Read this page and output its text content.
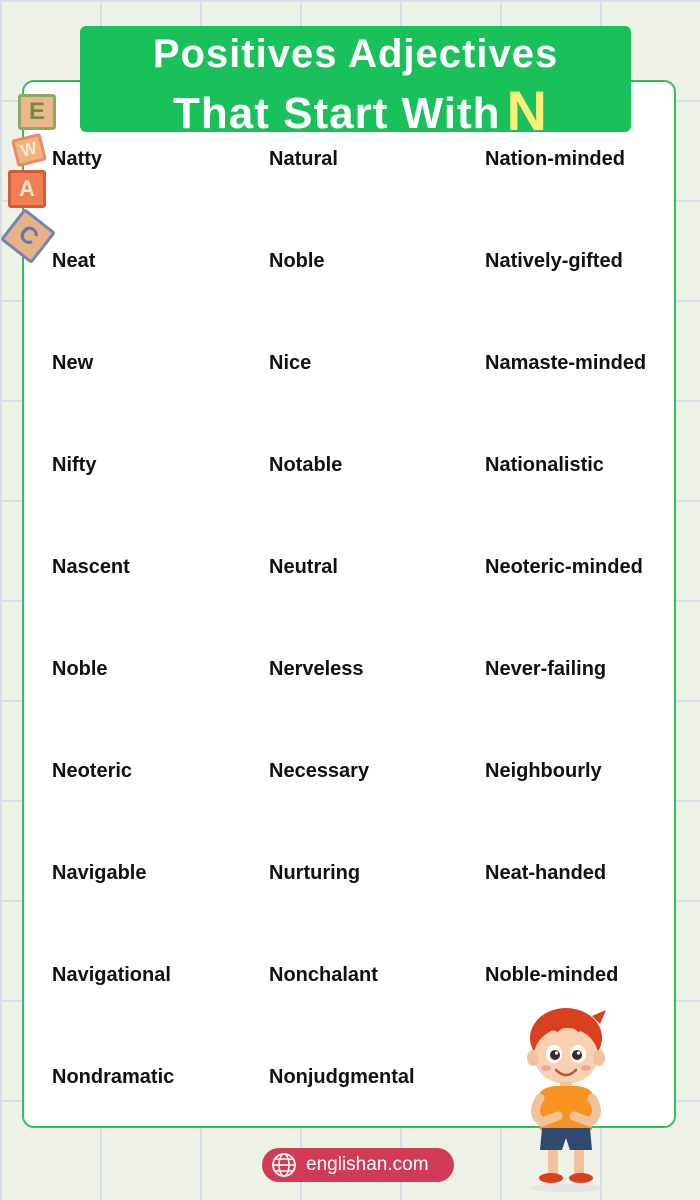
Positives Adjectives
That Start With N
E
W
A
C
Natty
Neat
New
Nifty
Nascent
Noble
Neoteric
Navigable
Navigational
Nondramatic
Natural
Noble
Nice
Notable
Neutral
Nerveless
Necessary
Nurturing
Nonchalant
Nonjudgmental
Nation-minded
Natively-gifted
Namaste-minded
Nationalistic
Neoteric-minded
Never-failing
Neighbourly
Neat-handed
Noble-minded
englishan.com
